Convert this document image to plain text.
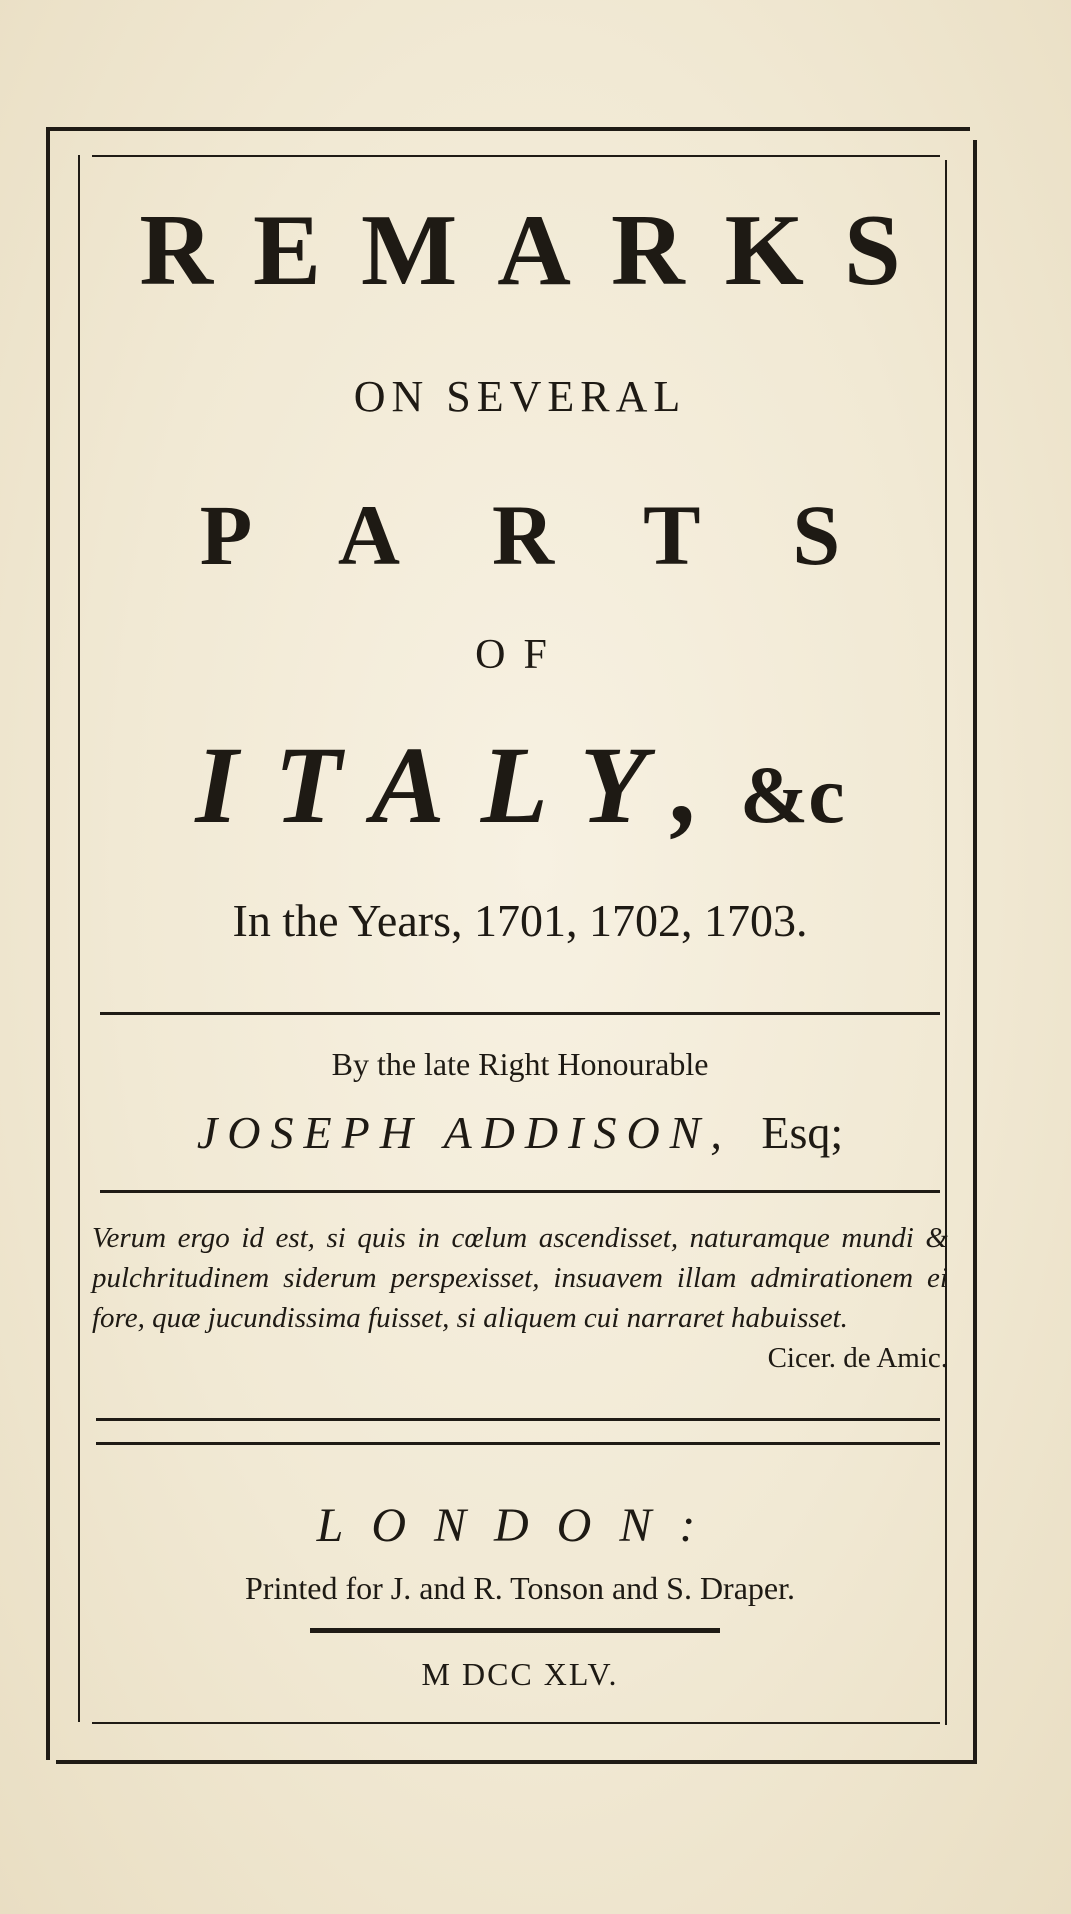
REMARKS
ON SEVERAL
PARTS
OF
ITALY, &c
In the Years, 1701, 1702, 1703.
By the late Right Honourable
JOSEPH ADDISON, Esq;
Verum ergo id est, si quis in cœlum ascendisset, naturamque mundi & pulchritudinem siderum perspexisset, insuavem illam admirationem ei fore, quæ jucundissima fuisset, si aliquem cui narraret habuisset.
Cicer. de Amic.
LONDON:
Printed for J. and R. Tonson and S. Draper.
M DCC XLV.
